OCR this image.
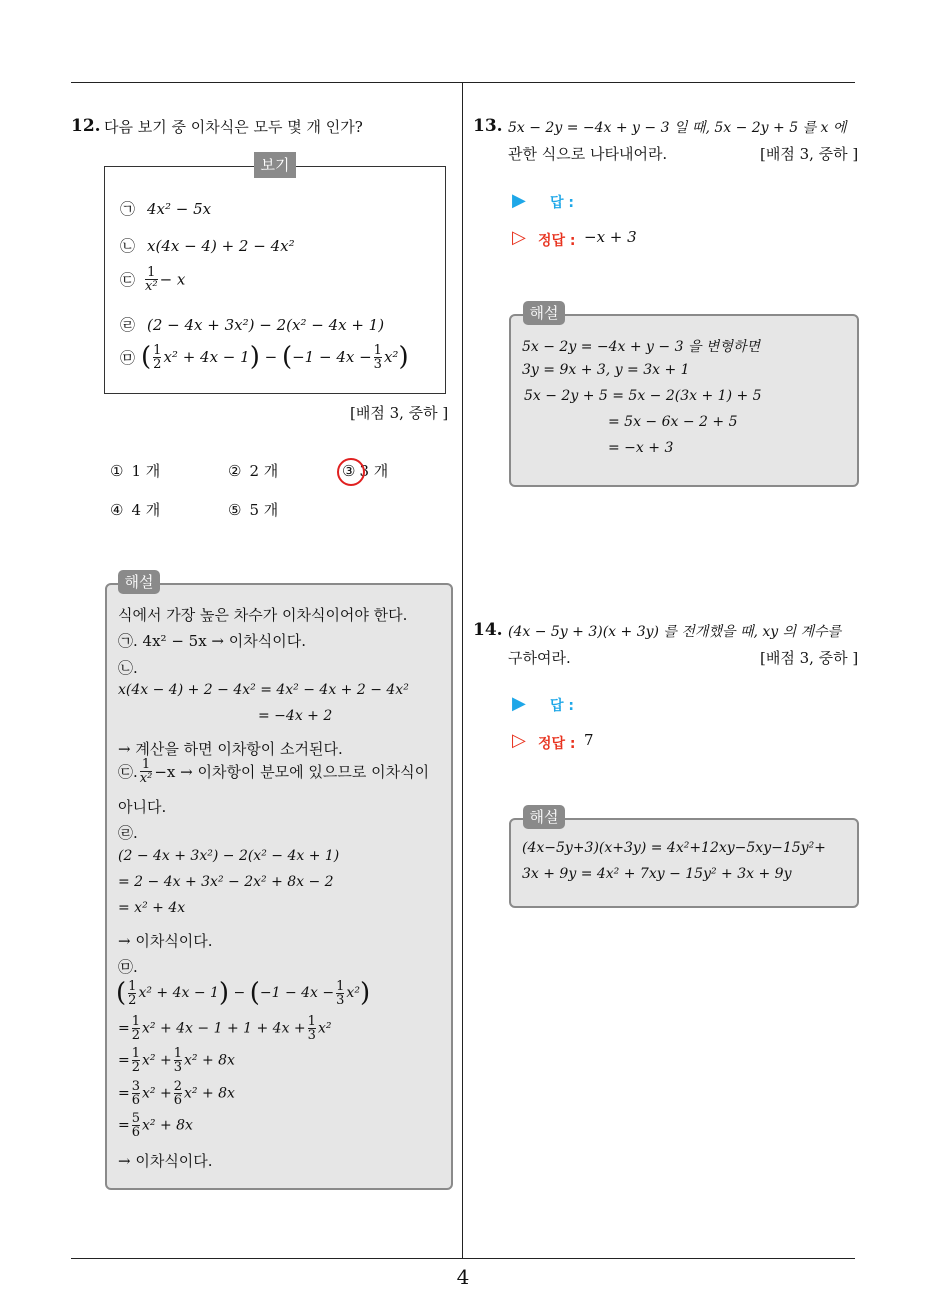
12. 다음 보기 중 이차식은 모두 몇 개 인가?
보기
㉠ 4x² − 5x
㉡ x(4x − 4) + 2 − 4x²
㉢ $\frac{1}{\text{x²}} - x$
㉣ (2 − 4x + 3x²) − 2(x² − 4x + 1)
㉤ ( $\frac{1}{2} x^2 + 4x - 1) - (-1 - 4x - \frac{1}{3} x^2)$
[배점 3, 중하 ]
① 1 개	② 2 개	③ 3 개
④ 4 개	⑤ 5 개
해설
식에서 가장 높은 차수가 이차식이어야 한다.
㉠. 4x² − 5x → 이차식이다.
㉡.
x(4x − 4) + 2 − 4x² = 4x² − 4x + 2 − 4x²
= −4x + 2
→ 계산을 하면 이차항이 소거된다.
㉢. $\frac{1}{\text{x²}} -x$ → 이차항이 분모에 있으므로 이차식이
아니다.
㉣.
(2 − 4x + 3x²) − 2(x² − 4x + 1)
= 2 − 4x + 3x² − 2x² + 8x − 2
= x² + 4x
→ 이차식이다.
㉤.
( $\frac{1}{2} x^2 + 4x - 1) - (-1 - 4x - \frac{1}{3} x^2)$
= $\frac{1}{2} x^2 + 4x - 1 + 1 + 4x + \frac{1}{3} x^2$
= $\frac{1}{2} x^2 + \frac{1}{3} x^2 + 8x$
= $\frac{3}{6} x^2 + \frac{2}{6} x^2 + 8x$
= $\frac{5}{6} x^2 + 8x$
→ 이차식이다.
13. 5x − 2y = −4x + y − 3 일 때, 5x − 2y + 5 를 x 에
관한 식으로 나타내어라.	[배점 3, 중하 ]
▶ 답 :
▷ 정답 : −x + 3
해설
5x − 2y = −4x + y − 3 을 변형하면
3y = 9x + 3, y = 3x + 1
5x − 2y + 5 = 5x − 2(3x + 1) + 5
= 5x − 6x − 2 + 5
= −x + 3
14. (4x − 5y + 3)(x + 3y) 를 전개했을 때, xy 의 계수를
구하여라.	[배점 3, 중하 ]
▶ 답 :
▷ 정답 : 7
해설
(4x−5y+3)(x+3y) = 4x²+12xy−5xy−15y²+
3x + 9y = 4x² + 7xy − 15y² + 3x + 9y
4
